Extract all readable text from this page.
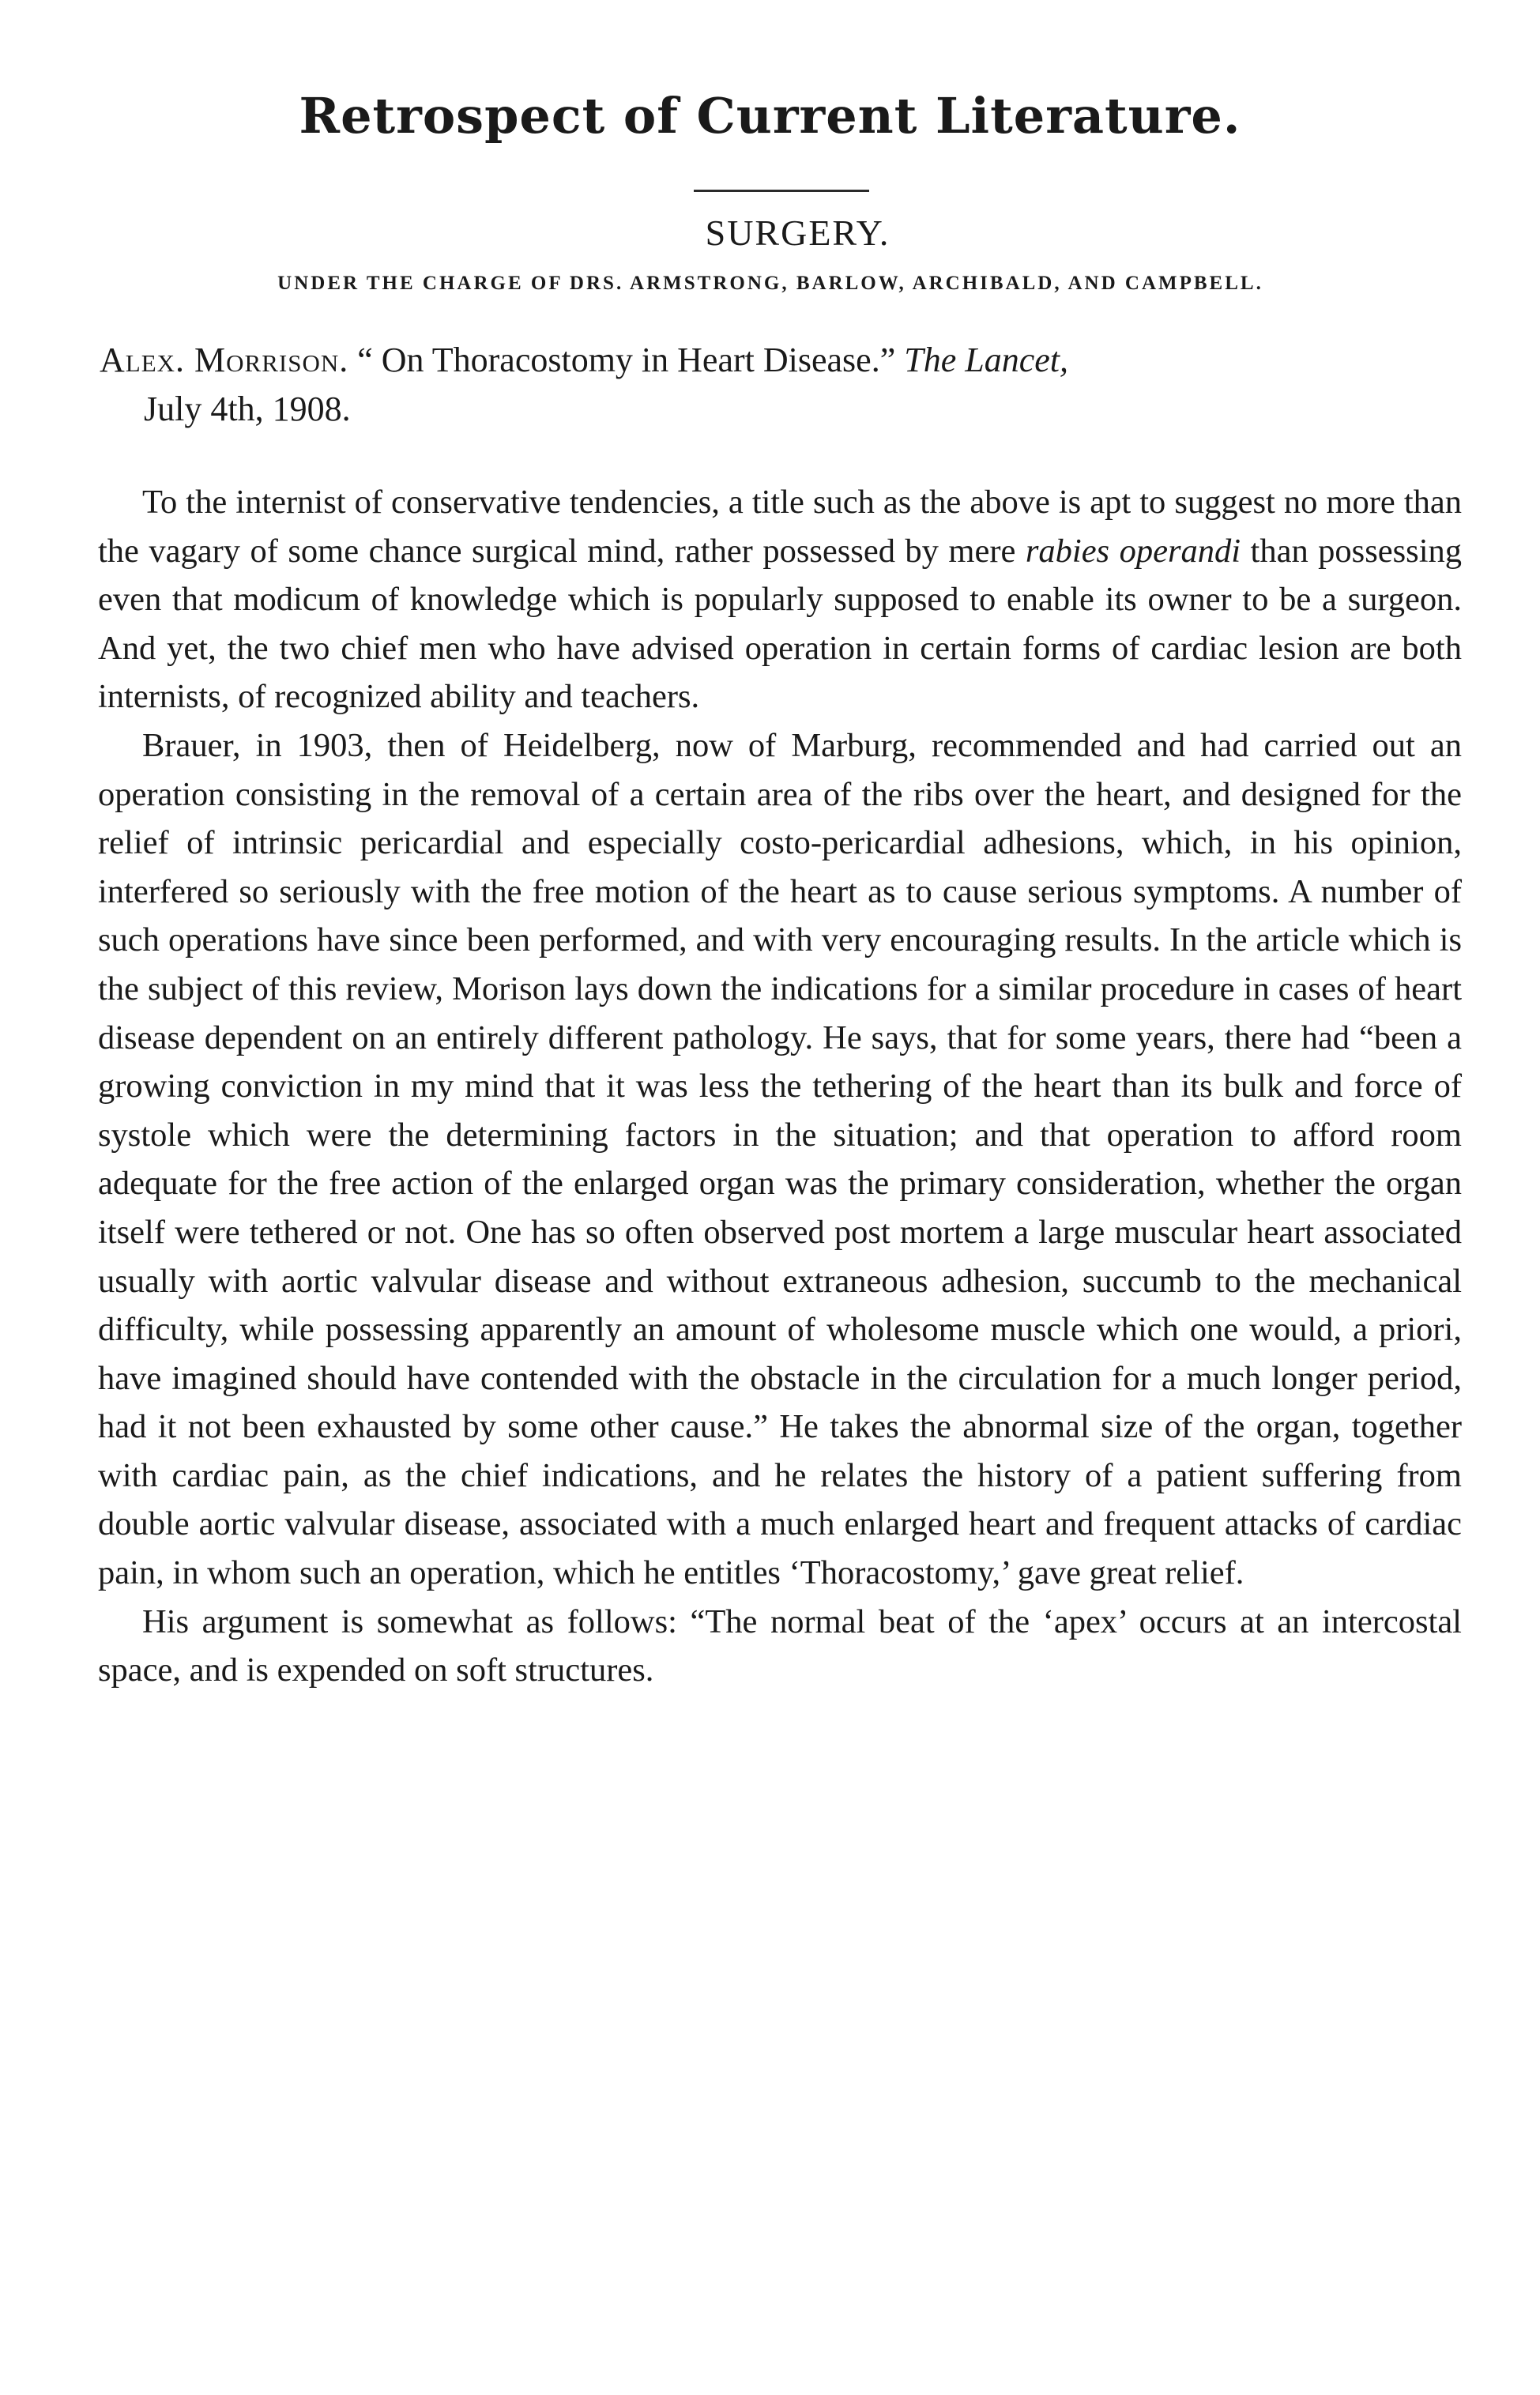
Retrospect of Current Literature.
SURGERY.
UNDER THE CHARGE OF DRS. ARMSTRONG, BARLOW, ARCHIBALD, AND CAMPBELL.
Alex. Morrison. “ On Thoracostomy in Heart Disease.” The Lancet,
July 4th, 1908.

To the internist of conservative tendencies, a title such as the above is apt to suggest no more than the vagary of some chance surgical mind, rather possessed by mere rabies operandi than possessing even that modicum of knowledge which is popularly supposed to enable its owner to be a surgeon. And yet, the two chief men who have advised operation in certain forms of cardiac lesion are both internists, of recognized ability and teachers.

Brauer, in 1903, then of Heidelberg, now of Marburg, recommended and had carried out an operation consisting in the removal of a certain area of the ribs over the heart, and designed for the relief of intrinsic pericardial and especially costo-pericardial adhesions, which, in his opinion, interfered so seriously with the free motion of the heart as to cause serious symptoms. A number of such operations have since been performed, and with very encouraging results. In the article which is the subject of this review, Morison lays down the indications for a similar procedure in cases of heart disease dependent on an entirely different pathology. He says, that for some years, there had “been a growing conviction in my mind that it was less the tethering of the heart than its bulk and force of systole which were the determining factors in the situation; and that operation to afford room adequate for the free action of the enlarged organ was the primary consideration, whether the organ itself were tethered or not. One has so often observed post mortem a large muscular heart associated usually with aortic valvular disease and without extraneous adhesion, succumb to the mechanical difficulty, while possessing apparently an amount of wholesome muscle which one would, a priori, have imagined should have contended with the obstacle in the circulation for a much longer period, had it not been exhausted by some other cause.” He takes the abnormal size of the organ, together with cardiac pain, as the chief indications, and he relates the history of a patient suffering from double aortic valvular disease, associated with a much enlarged heart and frequent attacks of cardiac pain, in whom such an operation, which he entitles ‘Thoracostomy,’ gave great relief.

His argument is somewhat as follows: “The normal beat of the ‘apex’ occurs at an intercostal space, and is expended on soft structures.
